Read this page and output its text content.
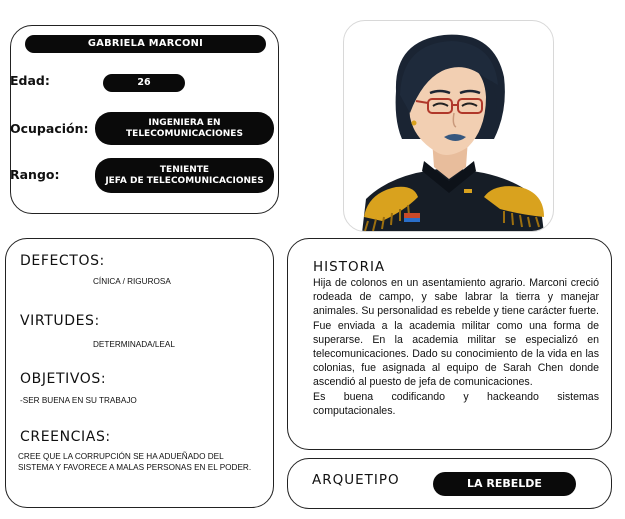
GABRIELA MARCONI
Edad:	26
Ocupación:	INGENIERA EN
TELECOMUNICACIONES
Rango:	TENIENTE
JEFA DE TELECOMUNICACIONES
DEFECTOS:
CÍNICA / RIGUROSA
VIRTUDES:
DETERMINADA/LEAL
OBJETIVOS:
-SER BUENA EN SU TRABAJO
CREENCIAS:
CREE QUE LA CORRUPCIÓN SE HA ADUEÑADO DEL SISTEMA Y FAVORECE A MALAS PERSONAS EN EL PODER.
HISTORIA
Hija de colonos en un asentamiento agrario. Marconi creció rodeada de campo, y sabe labrar la tierra y manejar animales. Su personalidad es rebelde y tiene carácter fuerte. Fue enviada a la academia militar como una forma de superarse. En la academia militar se especializó en telecomunicaciones. Dado su conocimiento de la vida en las colonias, fue asignada al equipo de Sarah Chen donde ascendió al puesto de jefa de comunicaciones.
Es buena codificando y hackeando sistemas computacionales.
ARQUETIPO	LA REBELDE
